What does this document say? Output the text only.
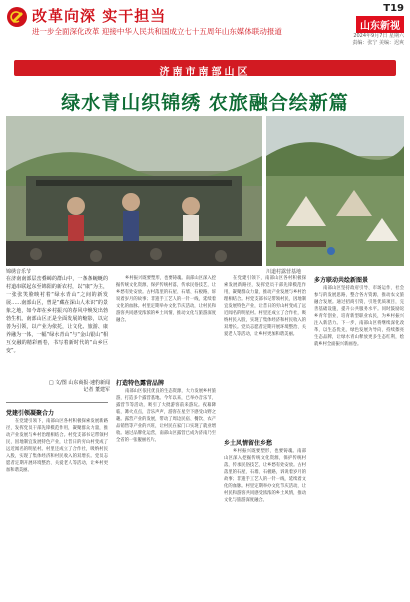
改革向深 实干担当
进一步全面深化改革 迎接中华人民共和国成立七十五周年山东媒体联动报道
T19
山东新视
2024年9月7日 星期六
责编：张宁 美编：迟爽
济南市南部山区
绿水青山织锦绣 农旅融合绘新篇
锦绣音乐节	川道村露营基地
在济南南部层峦叠嶂的群山中，一条条蜿蜒的村道串联起东至锦阳的新农村，以“康”为主，一张张笑脸映衬着“绿水青山”之间的新发展……南部山区，曾是“藏在深山人未识”的景象之地，如今却在乡村振兴的春风中焕发出勃勃生机。南部山区正是全面发展的缩影，以完善为引领，以产业为依托，让文化、旅游、康养融为一体，一幅“绿水青山”与“金山银山”相互交融的精彩画卷，书写着新时代的“山乡巨变”。
□ 文/图 山东商报·速豹新闻
记者 董建军
党建引领凝聚合力

在党建引领下，南部山区各村积极探索发展新路径，发挥党员干部先锋模范作用，凝聚群众力量，推动产业发展与乡村治理相结合。村党支部书记带领村民，因地制宜发展特色产业，让昔日的穷山村变成了远近闻名的明星村。村里还成立了合作社，吸纳村民入股，实现了集体经济和村民收入的双增长。党员志愿者定期开展环境整治、关爱老人等活动，让乡村更加和谐美丽。

乡村振兴既要塑形，也要铸魂。南部山区深入挖掘传统文化资源，保护传统村落，传承民俗技艺，让乡愁有处安放。古村落里的石屋、石墙、石板路，诉说着岁月的故事；非遗手工艺人的一针一线，延续着文化的血脉。村里定期举办文化节庆活动，让村民和游客共同感受浓浓的乡土风情，推动文化与旅游深度融合。

打造特色露营品牌

南部山区依托优良的生态资源，大力发展乡村旅游，打造多个露营基地。今年以来，已举办音乐节、露营节等活动，吸引了大批游客前来游玩。夜幕降临，篝火点点，音乐声声，游客在星空下感受山野之趣。露营产业的发展，带动了周边民宿、餐饮、农产品销售等产业的兴旺，让村民在家门口实现了就业增收。通过品牌化运营，南部山区露营已成为济南乃至全省的一张靓丽名片。

在党建引领下，南部山区各村积极探索发展新路径，发挥党员干部先锋模范作用，凝聚群众力量，推动产业发展与乡村治理相结合。村党支部书记带领村民，因地制宜发展特色产业，让昔日的穷山村变成了远近闻名的明星村。村里还成立了合作社，吸纳村民入股，实现了集体经济和村民收入的双增长。党员志愿者定期开展环境整治、关爱老人等活动，让乡村更加和谐美丽。

乡土风情留住乡愁

乡村振兴既要塑形，也要铸魂。南部山区深入挖掘传统文化资源，保护传统村落，传承民俗技艺，让乡愁有处安放。古村落里的石屋、石墙、石板路，诉说着岁月的故事；非遗手工艺人的一针一线，延续着文化的血脉。村里定期举办文化节庆活动，让村民和游客共同感受浓浓的乡土风情，推动文化与旅游深度融合。

多方联动共绘新图景

南部山区坚持政府引导、市场运作、社会参与的发展思路，整合各方资源，推动农文旅融合发展。通过招商引资，引进优质项目，完善基础设施，提升公共服务水平。同时鼓励返乡青年创业，培育新型职业农民，为乡村振兴注入新活力。下一步，南部山区将继续深化改革，以生态优先、绿色发展为导向，持续擦亮生态品牌，让绿水青山释放更多生态红利，绘就乡村全面振兴新画卷。
